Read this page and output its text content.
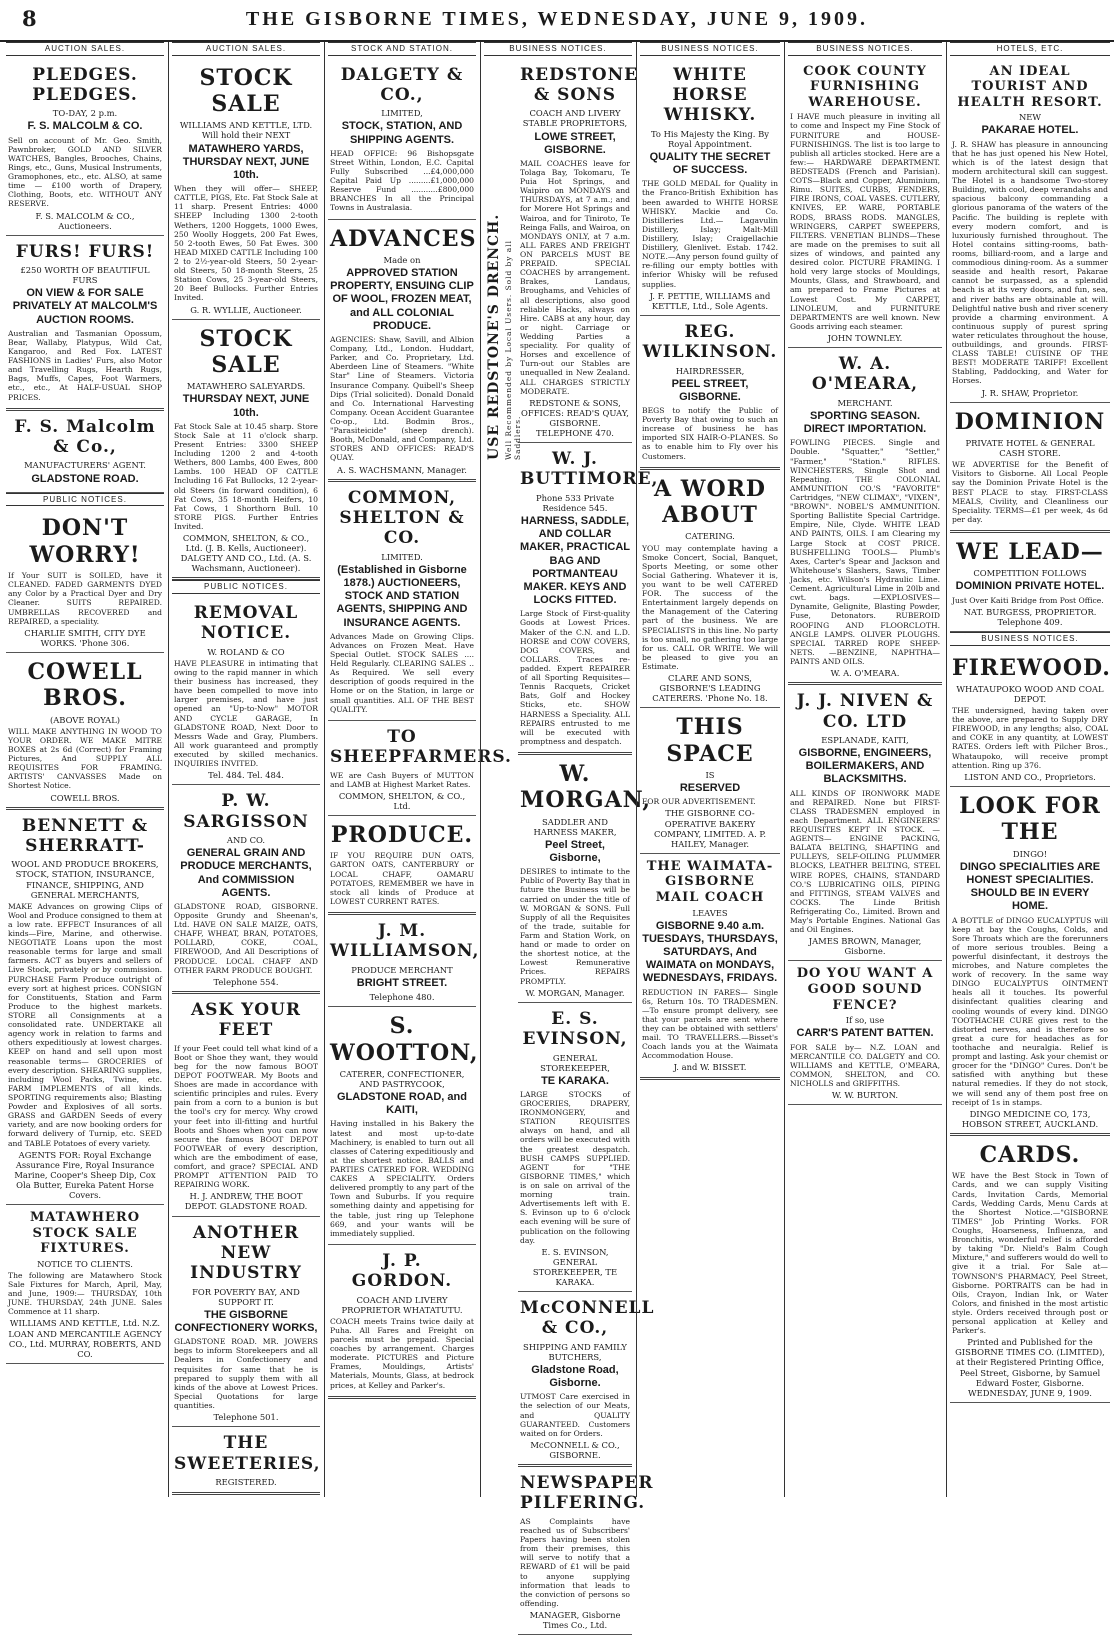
8	THE GISBORNE TIMES, WEDNESDAY, JUNE 9, 1909.
AUCTION SALES.
PLEDGES. PLEDGES.
TO-DAY, 2 p.m.
F. S. MALCOLM & CO.
Sell on account of Mr. Geo. Smith, Pawnbroker, GOLD AND SILVER WATCHES, Bangles, Brooches, Chains, Rings, etc., Guns, Musical Instruments, Gramophones, etc., etc. ALSO, at same time — £100 worth of Drapery, Clothing, Boots, etc. WITHOUT ANY RESERVE.
F. S. MALCOLM & CO., Auctioneers.
FURS! FURS!
£250 WORTH OF BEAUTIFUL FURS
ON VIEW & FOR SALE PRIVATELY AT MALCOLM'S AUCTION ROOMS.
Australian and Tasmanian Opossum, Bear, Wallaby, Platypus, Wild Cat, Kangaroo, and Red Fox. LATEST FASHIONS in Ladies' Furs, also Motor and Travelling Rugs, Hearth Rugs, Bags, Muffs, Capes, Foot Warmers, etc., etc., At HALF-USUAL SHOP PRICES.
F. S. Malcolm & Co.,
MANUFACTURERS' AGENT.
GLADSTONE ROAD.
PUBLIC NOTICES.
DON'T WORRY!
If Your SUIT is SOILED, have it CLEANED. FADED GARMENTS DYED any Color by a Practical Dyer and Dry Cleaner. SUITS REPAIRED. UMBRELLAS RECOVERED and REPAIRED, a speciality.
CHARLIE SMITH, CITY DYE WORKS. 'Phone 306.
COWELL BROS.
(ABOVE ROYAL)
WILL MAKE ANYTHING IN WOOD TO YOUR ORDER. WE MAKE MITRE BOXES at 2s 6d (Correct) for Framing Pictures, And SUPPLY ALL REQUISITES FOR FRAMING. ARTISTS' CANVASSES Made on Shortest Notice.
COWELL BROS.
BENNETT & SHERRATT-
WOOL AND PRODUCE BROKERS, STOCK, STATION, INSURANCE, FINANCE, SHIPPING, AND GENERAL MERCHANTS,
MAKE Advances on growing Clips of Wool and Produce consigned to them at a low rate. EFFECT Insurances of all kinds—Fire, Marine, and otherwise. NEGOTIATE Loans upon the most reasonable terms for large and small farmers. ACT as buyers and sellers of Live Stock, privately or by commission. PURCHASE Farm Produce outright of every sort at highest prices. CONSIGN for Constituents, Station and Farm Produce to the highest markets. STORE all Consignments at a consolidated rate. UNDERTAKE all agency work in relation to farms and others expeditiously at lowest charges. KEEP on hand and sell upon most reasonable terms— GROCERIES of every description. SHEARING supplies, including Wool Packs, Twine, etc. FARM IMPLEMENTS of all kinds. SPORTING requirements also; Blasting Powder and Explosives of all sorts. GRASS and GARDEN Seeds of every variety, and are now booking orders for forward delivery of Turnip, etc. SEED and TABLE Potatoes of every variety.
AGENTS FOR: Royal Exchange Assurance Fire, Royal Insurance Marine, Cooper's Sheep Dip, Cox Ola Butter, Eureka Patent Horse Covers.
MATAWHERO STOCK SALE FIXTURES.
NOTICE TO CLIENTS.
The following are Matawhero Stock Sale Fixtures for March, April, May, and June, 1909:— THURSDAY, 10th JUNE. THURSDAY, 24th JUNE. Sales Commence at 11 sharp.
WILLIAMS AND KETTLE, Ltd. N.Z. LOAN AND MERCANTILE AGENCY CO., Ltd. MURRAY, ROBERTS, AND CO.
AUCTION SALES.
STOCK SALE
WILLIAMS AND KETTLE, LTD. Will hold their NEXT
MATAWHERO YARDS, THURSDAY NEXT, JUNE 10th.
When they will offer— SHEEP, CATTLE, PIGS, Etc. Fat Stock Sale at 11 sharp. Present Entries: 4000 SHEEP Including 1300 2-tooth Wethers, 1200 Hoggets, 1000 Ewes, 250 Woolly Hoggets, 200 Fat Ewes, 50 2-tooth Ewes, 50 Fat Ewes. 300 HEAD MIXED CATTLE Including 100 2 to 2½-year-old Steers, 50 2-year-old Steers, 50 18-month Steers, 25 Station Cows, 25 3-year-old Steers, 20 Beef Bullocks. Further Entries Invited.
G. R. WYLLIE, Auctioneer.
STOCK SALE
MATAWHERO SALEYARDS.
THURSDAY NEXT, JUNE 10th.
Fat Stock Sale at 10.45 sharp. Store Stock Sale at 11 o'clock sharp. Present Entries: 3300 SHEEP Including 1200 2 and 4-tooth Wethers, 800 Lambs, 400 Ewes, 800 Lambs. 100 HEAD OF CATTLE Including 16 Fat Bullocks, 12 2-year-old Steers (in forward condition), 6 Fat Cows, 35 18-month Heifers, 10 Fat Cows, 1 Shorthorn Bull. 10 STORE PIGS. Further Entries Invited.
COMMON, SHELTON, & CO., Ltd. (J. B. Kells, Auctioneer). DALGETY AND CO., Ltd. (A. S. Wachsmann, Auctioneer).
PUBLIC NOTICES.
REMOVAL NOTICE.
W. ROLAND & CO
HAVE PLEASURE in intimating that owing to the rapid manner in which their business has increased, they have been compelled to move into larger premises, and have just opened an "Up-to-Now" MOTOR AND CYCLE GARAGE, In GLADSTONE ROAD, Next Door to Messrs Wade and Gray, Plumbers. All work guaranteed and promptly executed by skilled mechanics. INQUIRIES INVITED.
Tel. 484. Tel. 484.
P. W. SARGISSON
AND CO.
GENERAL GRAIN AND PRODUCE MERCHANTS, And COMMISSION AGENTS.
GLADSTONE ROAD, GISBORNE. Opposite Grundy and Sheenan's, Ltd. HAVE ON SALE MAIZE, OATS, CHAFF, WHEAT, BRAN, POTATOES, POLLARD, COKE, COAL, FIREWOOD, And All Descriptions of PRODUCE. LOCAL CHAFF AND OTHER FARM PRODUCE BOUGHT.
Telephone 554.
ASK YOUR FEET
If your Feet could tell what kind of a Boot or Shoe they want, they would beg for the now famous BOOT DEPOT FOOTWEAR. My Boots and Shoes are made in accordance with scientific principles and rules. Every pain from a corn to a bunion is but the tool's cry for mercy. Why crowd your feet into ill-fitting and hurtful Boots and Shoes when you can now secure the famous BOOT DEPOT FOOTWEAR of every description, which are the embodiment of ease, comfort, and grace? SPECIAL AND PROMPT ATTENTION PAID TO REPAIRING WORK.
H. J. ANDREW, THE BOOT DEPOT. GLADSTONE ROAD.
ANOTHER NEW INDUSTRY
FOR POVERTY BAY, AND SUPPORT IT.
THE GISBORNE CONFECTIONERY WORKS,
GLADSTONE ROAD. MR. JOWERS begs to inform Storekeepers and all Dealers in Confectionery and requisites for same that he is prepared to supply them with all kinds of the above at Lowest Prices. Special Quotations for large quantities.
Telephone 501.
THE SWEETERIES,
REGISTERED.
STOCK AND STATION.
DALGETY & CO.,
LIMITED,
STOCK, STATION, AND SHIPPING AGENTS.
HEAD OFFICE: 96 Bishopsgate Street Within, London, E.C. Capital Fully Subscribed ...£4,000,000 Capital Paid Up .........£1,000,000 Reserve Fund ...........£800,000 BRANCHES In all the Principal Towns in Australasia.
ADVANCES
Made on
APPROVED STATION PROPERTY, ENSUING CLIP OF WOOL, FROZEN MEAT, and ALL COLONIAL PRODUCE.
AGENCIES: Shaw, Savill, and Albion Company, Ltd., London. Huddart, Parker, and Co. Proprietary, Ltd. Aberdeen Line of Steamers. "White Star" Line of Steamers. Victoria Insurance Company. Quibell's Sheep Dips (Trial solicited). Donald Donald and Co. International Harvesting Company. Ocean Accident Guarantee Co-op., Ltd. Bodmin Bros., "Parasiteicide" (sheep drench). Booth, McDonald, and Company, Ltd. STORES AND OFFICES: READ'S QUAY.
A. S. WACHSMANN, Manager.
COMMON, SHELTON & CO.
LIMITED.
(Established in Gisborne 1878.) AUCTIONEERS, STOCK AND STATION AGENTS, SHIPPING AND INSURANCE AGENTS.
Advances Made on Growing Clips. Advances on Frozen Meat. Have Special Outlet. STOCK SALES .... Held Regularly. CLEARING SALES .. As Required. We sell every description of goods required in the Home or on the Station, in large or small quantities. ALL OF THE BEST QUALITY.
TO SHEEPFARMERS.
WE are Cash Buyers of MUTTON and LAMB at Highest Market Rates.
COMMON, SHELTON, & CO., Ltd.
PRODUCE.
IF YOU REQUIRE DUN OATS, GARTON OATS, CANTERBURY or LOCAL CHAFF, OAMARU POTATOES, REMEMBER we have in stock all kinds of Produce at LOWEST CURRENT RATES.
J. M. WILLIAMSON,
PRODUCE MERCHANT
BRIGHT STREET.
Telephone 480.
S. WOOTTON,
CATERER, CONFECTIONER, AND PASTRYCOOK,
GLADSTONE ROAD, and KAITI,
Having installed in his Bakery the latest and most up-to-date Machinery, is enabled to turn out all classes of Catering expeditiously and at the shortest notice. BALLS and PARTIES CATERED FOR. WEDDING CAKES A SPECIALITY. Orders delivered promptly to any part of the Town and Suburbs. If you require something dainty and appetising for the table, just ring up Telephone 669, and your wants will be immediately supplied.
J. P. GORDON.
COACH AND LIVERY PROPRIETOR WHATATUTU.
COACH meets Trains twice daily at Puha. All Fares and Freight on parcels must be prepaid. Special coaches by arrangement. Charges moderate. PICTURES and Picture Frames, Mouldings, Artists' Materials, Mounts, Glass, at bedrock prices, at Kelley and Parker's.
BUSINESS NOTICES.
REDSTONE & SONS
COACH AND LIVERY STABLE PROPRIETORS,
LOWE STREET, GISBORNE.
MAIL COACHES leave for Tolaga Bay, Tokomaru, Te Puia Hot Springs, and Waipiro on MONDAYS and THURSDAYS, at 7 a.m.; and for Morere Hot Springs and Wairoa, and for Tiniroto, Te Reinga Falls, and Wairoa, on MONDAYS ONLY, at 7 a.m. ALL FARES AND FREIGHT ON PARCELS MUST BE PREPAID. SPECIAL COACHES by arrangement. Brakes, Landaus, Broughams, and Vehicles of all descriptions, also good reliable Hacks, always on Hire. CABS at any hour, day or night. Carriage or Wedding Parties a speciality. For quality of Horses and excellence of Turn-out our Stables are unequalled in New Zealand. ALL CHARGES STRICTLY MODERATE.
REDSTONE & SONS, OFFICES: READ'S QUAY, GISBORNE. TELEPHONE 470.
W. J. BUTTIMORE,
Phone 533 Private Residence 545.
HARNESS, SADDLE, AND COLLAR MAKER, PRACTICAL BAG AND PORTMANTEAU MAKER. KEYS AND LOCKS FITTED.
Large Stock of First-quality Goods at Lowest Prices. Maker of the C.N. and L.D. HORSE and COW COVERS, DOG COVERS, and COLLARS. Traces re-padded. Expert REPAIRER of all Sporting Requisites—Tennis Racquets, Cricket Bats, Golf and Hockey Sticks, etc. SHOW HARNESS a Speciality. ALL REPAIRS entrusted to me will be executed with promptness and despatch.
W. MORGAN,
SADDLER AND HARNESS MAKER,
Peel Street, Gisborne,
DESIRES to intimate to the Public of Poverty Bay that in future the Business will be carried on under the title of W. MORGAN & SONS. Full Supply of all the Requisites of the trade, suitable for Farm and Station Work, on hand or made to order on the shortest notice, at the Lowest Remunerative Prices. REPAIRS PROMPTLY.
W. MORGAN, Manager.
E. S. EVINSON,
GENERAL STOREKEEPER,
TE KARAKA.
LARGE STOCKS of GROCERIES, DRAPERY, IRONMONGERY, and STATION REQUISITES always on hand, and all orders will be executed with the greatest despatch. BUSH CAMPS SUPPLIED. AGENT for "THE GISBORNE TIMES," which is on sale on arrival of the morning train. Advertisements left with E. S. Evinson up to 6 o'clock each evening will be sure of publication on the following day.
E. S. EVINSON, GENERAL STOREKEEPER, TE KARAKA.
McCONNELL & CO.,
SHIPPING AND FAMILY BUTCHERS,
Gladstone Road, Gisborne.
UTMOST Care exercised in the selection of our Meats, and QUALITY GUARANTEED. Customers waited on for Orders.
McCONNELL & CO., GISBORNE.
NEWSPAPER PILFERING.
AS Complaints have reached us of Subscribers' Papers having been stolen from their premises, this will serve to notify that a REWARD of £1 will be paid to anyone supplying information that leads to the conviction of persons so offending.
MANAGER, Gisborne Times Co., Ltd.
BUSINESS NOTICES.
WHITE HORSE WHISKY.
To His Majesty the King. By Royal Appointment.
QUALITY THE SECRET OF SUCCESS.
THE GOLD MEDAL for Quality in the Franco-British Exhibition has been awarded to WHITE HORSE WHISKY. Mackie and Co. Distilleries Ltd.— Lagavulin Distillery, Islay; Malt-Mill Distillery, Islay; Craigellachie Distillery, Glenlivet. Estab. 1742. NOTE.—Any person found guilty of re-filling our empty bottles with inferior Whisky will be refused supplies.
J. F. PETTIE, WILLIAMS and KETTLE, Ltd., Sole Agents.
REG. WILKINSON.
HAIRDRESSER,
PEEL STREET, GISBORNE.
BEGS to notify the Public of Poverty Bay that owing to such an increase of business he has imported SIX HAIR-O-PLANES. So as to enable him to Fly over his Customers.
A WORD ABOUT
CATERING.
YOU may contemplate having a Smoke Concert, Social, Banquet, Sports Meeting, or some other Social Gathering. Whatever it is, you want to be well CATERED FOR. The success of the Entertainment largely depends on the Management of the Catering part of the business. We are SPECIALISTS in this line. No party is too small, no gathering too large for us. CALL OR WRITE. We will be pleased to give you an Estimate.
CLARE AND SONS, GISBORNE'S LEADING CATERERS. 'Phone No. 18.
THIS SPACE
IS
RESERVED
FOR OUR ADVERTISEMENT.
THE GISBORNE CO-OPERATIVE BAKERY COMPANY, LIMITED. A. P. HAILEY, Manager.
THE WAIMATA-GISBORNE MAIL COACH
LEAVES
GISBORNE 9.40 a.m. TUESDAYS, THURSDAYS, SATURDAYS, And WAIMATA on MONDAYS, WEDNESDAYS, FRIDAYS.
REDUCTION IN FARES— Single 6s, Return 10s. TO TRADESMEN.—To ensure prompt delivery, see that your parcels are sent where they can be obtained with settlers' mail. TO TRAVELLERS.—Bisset's Coach lands you at the Waimata Accommodation House.
J. and W. BISSET.
BUSINESS NOTICES.
COOK COUNTY FURNISHING WAREHOUSE.
I HAVE much pleasure in inviting all to come and Inspect my Fine Stock of FURNITURE and HOUSE-FURNISHINGS. The list is too large to publish all articles stocked. Here are a few:— HARDWARE DEPARTMENT. BEDSTEADS (French and Parisian). COTS—Black and Copper, Aluminium, Rimu. SUITES, CURBS, FENDERS, FIRE IRONS, COAL VASES. CUTLERY, KNIVES, EP. WARE, PORTABLE RODS, BRASS RODS. MANGLES, WRINGERS, CARPET SWEEPERS, FILTERS. VENETIAN BLINDS—These are made on the premises to suit all sizes of windows, and painted any desired color. PICTURE FRAMING. I hold very large stocks of Mouldings, Mounts, Glass, and Strawboard, and am prepared to Frame Pictures at Lowest Cost. My CARPET, LINOLEUM, and FURNITURE DEPARTMENTS are well known. New Goods arriving each steamer.
JOHN TOWNLEY.
W. A. O'MEARA,
MERCHANT.
SPORTING SEASON. DIRECT IMPORTATION.
FOWLING PIECES. Single and Double. "Squatter," "Settler," "Farmer," "Station." RIFLES. WINCHESTERS, Single Shot and Repeating. THE COLONIAL AMMUNITION CO.'S "FAVORITE" Cartridges, "NEW CLIMAX", "VIXEN", "BROWN". NOBEL'S AMMUNITION. Sporting Ballistite Special Cartridge. Empire, Nile, Clyde. WHITE LEAD AND PAINTS, OILS. I am Clearing my Large Stock at COST PRICE. BUSHFELLING TOOLS— Plumb's Axes, Carter's Spear and Jackson and Whitehouse's Slashers, Saws, Timber Jacks, etc. Wilson's Hydraulic Lime. Cement. Agricultural Lime in 20lb and cwt. bags. —EXPLOSIVES— Dynamite, Gelignite, Blasting Powder, Fuse, Detonators. RUBEROID ROOFING AND FLOORCLOTH. ANGLE LAMPS. OLIVER PLOUGHS. SPECIAL TARRED ROPE SHEEP-NETS. —BENZINE, NAPHTHA— PAINTS AND OILS.
W. A. O'MEARA.
J. J. NIVEN & CO. LTD
ESPLANADE, KAITI,
GISBORNE, ENGINEERS, BOILERMAKERS, AND BLACKSMITHS.
ALL KINDS OF IRONWORK MADE and REPAIRED. None but FIRST-CLASS TRADESMEN employed in each Department. ALL ENGINEERS' REQUISITES KEPT IN STOCK. —AGENTS— ENGINE PACKING, BALATA BELTING, SHAFTING and PULLEYS, SELF-OILING PLUMMER BLOCKS, LEATHER BELTING, STEEL WIRE ROPES, CHAINS, STANDARD CO.'S LUBRICATING OILS, PIPING and FITTINGS, STEAM VALVES and COCKS. The Linde British Refrigerating Co., Limited. Brown and May's Portable Engines. National Gas and Oil Engines.
JAMES BROWN, Manager, Gisborne.
DO YOU WANT A GOOD SOUND FENCE?
If so, use
CARR'S PATENT BATTEN.
FOR SALE by— N.Z. LOAN and MERCANTILE CO. DALGETY and CO. WILLIAMS and KETTLE, O'MEARA, COMMON, SHELTON, and CO. NICHOLLS and GRIFFITHS.
W. W. BURTON.
HOTELS, ETC.
AN IDEAL TOURIST AND HEALTH RESORT.
NEW
PAKARAE HOTEL.
J. R. SHAW has pleasure in announcing that he has just opened his New Hotel, which is of the latest design that modern architectural skill can suggest. The Hotel is a handsome Two-storey Building, with cool, deep verandahs and spacious balcony commanding a glorious panorama of the waters of the Pacific. The building is replete with every modern comfort, and is luxuriously furnished throughout. The Hotel contains sitting-rooms, bath-rooms, billiard-room, and a large and commodious dining-room. As a summer seaside and health resort, Pakarae cannot be surpassed, as a splendid beach is at its very doors, and fun, sea, and river baths are obtainable at will. Delightful native bush and river scenery provide a charming environment. A continuous supply of purest spring water reticulates throughout the house, outbuildings, and grounds. FIRST-CLASS TABLE! CUISINE OF THE BEST! MODERATE TARIFF! Excellent Stabling, Paddocking, and Water for Horses.
J. R. SHAW, Proprietor.
DOMINION
PRIVATE HOTEL & GENERAL CASH STORE.
WE ADVERTISE for the Benefit of Visitors to Gisborne. All Local People say the Dominion Private Hotel is the BEST PLACE to stay. FIRST-CLASS MEALS, Civility, and Cleanliness our Speciality. TERMS—£1 per week, 4s 6d per day.
WE LEAD—
COMPETITION FOLLOWS
DOMINION PRIVATE HOTEL.
Just Over Kaiti Bridge from Post Office.
NAT. BURGESS, PROPRIETOR. Telephone 409.
BUSINESS NOTICES.
FIREWOOD.
WHATAUPOKO WOOD AND COAL DEPOT.
THE undersigned, having taken over the above, are prepared to Supply DRY FIREWOOD, in any lengths; also, COAL and COKE in any quantity, at LOWEST RATES. Orders left with Pilcher Bros., Whataupoko, will receive prompt attention. Ring up 376.
LISTON AND CO., Proprietors.
LOOK FOR THE
DINGO!
DINGO SPECIALITIES ARE HONEST SPECIALITIES. SHOULD BE IN EVERY HOME.
A BOTTLE of DINGO EUCALYPTUS will keep at bay the Coughs, Colds, and Sore Throats which are the forerunners of more serious troubles. Being a powerful disinfectant, it destroys the microbes, and Nature completes the work of recovery. In the same way DINGO EUCALYPTUS OINTMENT heals all it touches. Its powerful disinfectant qualities clearing and cooling wounds of every kind. DINGO TOOTHACHE CURE gives rest to the distorted nerves, and is therefore so great a cure for headaches as for toothache and neuralgia. Relief is prompt and lasting. Ask your chemist or grocer for the "DINGO" Cures. Don't be satisfied with anything but these natural remedies. If they do not stock, we will send any of them post free on receipt of 1s in stamps.
DINGO MEDICINE CO, 173, HOBSON STREET, AUCKLAND.
CARDS.
WE have the Best Stock in Town of Cards, and we can supply Visiting Cards, Invitation Cards, Memorial Cards, Wedding Cards, Menu Cards at the Shortest Notice.—"GISBORNE TIMES" Job Printing Works. FOR Coughs, Hoarseness, Influenza, and Bronchitis, wonderful relief is afforded by taking "Dr. Nield's Balm Cough Mixture," and sufferers would do well to give it a trial. For Sale at— TOWNSON'S PHARMACY, Peel Street, Gisborne. PORTRAITS can be had in Oils, Crayon, Indian Ink, or Water Colors, and finished in the most artistic style. Orders received through post or personal application at Kelley and Parker's.
Printed and Published for the GISBORNE TIMES CO. (LIMITED), at their Registered Printing Office, Peel Street, Gisborne, by Samuel Edward Foster, Gisborne. WEDNESDAY, JUNE 9, 1909.
USE REDSTONE'S DRENCH. Well Recommended by Local Users. Sold by all Saddlers.
